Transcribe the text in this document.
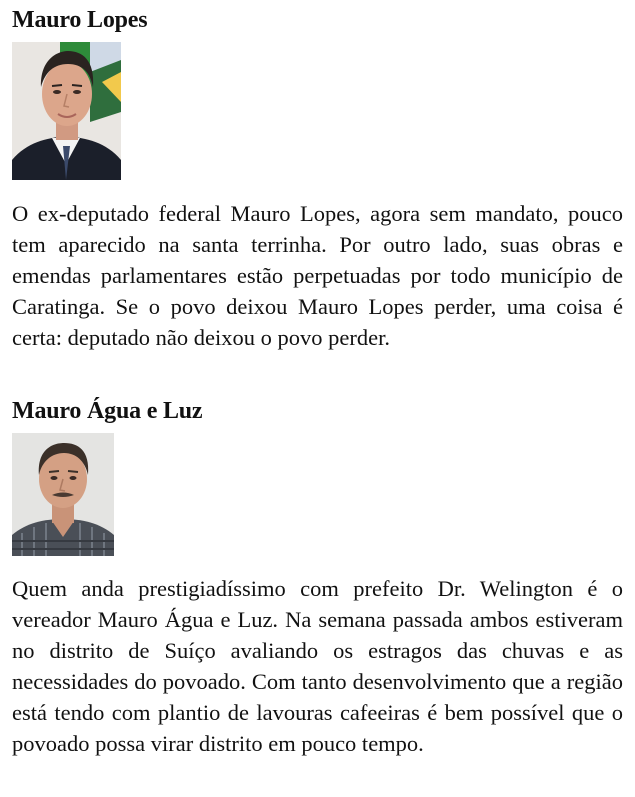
Mauro Lopes

O ex-deputado federal Mauro Lopes, agora sem mandato, pouco tem aparecido na santa terrinha. Por outro lado, suas obras e emendas parlamentares estão perpetuadas por todo município de Caratinga. Se o povo deixou Mauro Lopes perder, uma coisa é certa: deputado não deixou o povo perder.

Mauro Água e Luz

Quem anda prestigiadíssimo com prefeito Dr. Welington é o vereador Mauro Água e Luz. Na semana passada ambos estiveram no distrito de Suíço avaliando os estragos das chuvas e as necessidades do povoado. Com tanto desenvolvimento que a região está tendo com plantio de lavouras cafeeiras é bem possível que o povoado possa virar distrito em pouco tempo.
